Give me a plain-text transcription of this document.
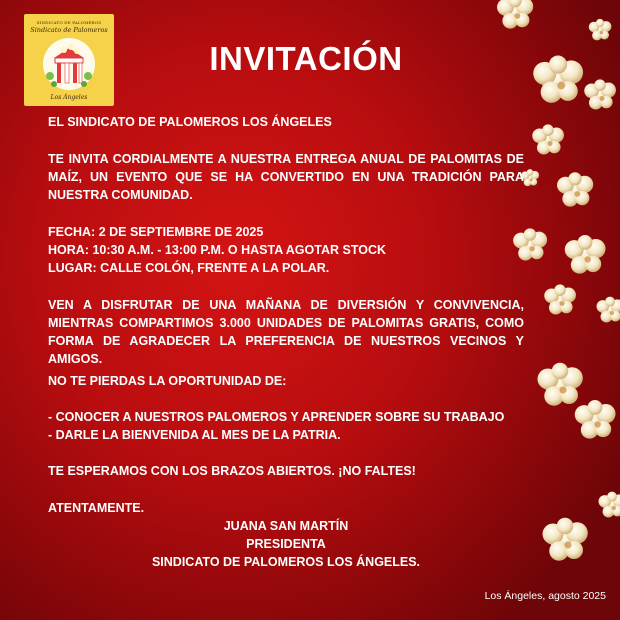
SINDICATO DE PALOMEROS
Sindicato de Palomeros
Los Ángeles
INVITACIÓN
EL SINDICATO DE PALOMEROS LOS ÁNGELES
TE INVITA CORDIALMENTE A NUESTRA ENTREGA ANUAL DE PALOMITAS DE MAÍZ, UN EVENTO QUE SE HA CONVERTIDO EN UNA TRADICIÓN PARA NUESTRA COMUNIDAD.
FECHA: 2 DE SEPTIEMBRE DE 2025
HORA: 10:30 A.M. - 13:00 P.M. O HASTA AGOTAR STOCK
LUGAR: CALLE COLÓN, FRENTE A LA POLAR.
VEN A DISFRUTAR DE UNA MAÑANA DE DIVERSIÓN Y CONVIVENCIA, MIENTRAS COMPARTIMOS 3.000 UNIDADES DE PALOMITAS GRATIS, COMO FORMA DE AGRADECER LA PREFERENCIA DE NUESTROS VECINOS Y AMIGOS.
NO TE PIERDAS LA OPORTUNIDAD DE:
- CONOCER A NUESTROS PALOMEROS Y APRENDER SOBRE SU TRABAJO
- DARLE LA BIENVENIDA AL MES DE LA PATRIA.
TE ESPERAMOS CON LOS BRAZOS ABIERTOS. ¡NO FALTES!
ATENTAMENTE.
JUANA SAN MARTÍN
PRESIDENTA
SINDICATO DE PALOMEROS LOS ÁNGELES.
Los Ángeles, agosto 2025
